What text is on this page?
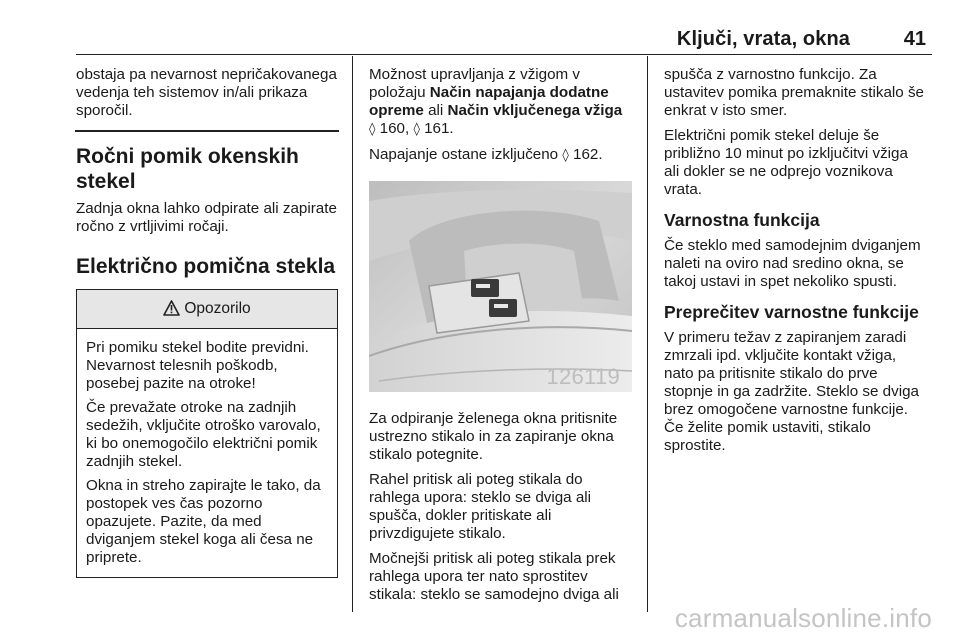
Ključi, vrata, okna	41

obstaja pa nevarnost nepričakovanega vedenja teh sistemov in/ali prikaza sporočil.

Ročni pomik okenskih stekel

Zadnja okna lahko odpirate ali zapirate ročno z vrtljivimi ročaji.

Električno pomična stekla
Opozorilo

Pri pomiku stekel bodite previdni. Nevarnost telesnih poškodb, posebej pazite na otroke!

Če prevažate otroke na zadnjih sedežih, vključite otroško varovalo, ki bo onemogočilo električni pomik zadnjih stekel.

Okna in streho zapirajte le tako, da postopek ves čas pozorno opazujete. Pazite, da med dviganjem stekel koga ali česa ne priprete.

Možnost upravljanja z vžigom v položaju Način napajanja dodatne opreme ali Način vključenega vžiga
◊ 160, ◊ 161.

Napajanje ostane izključeno ◊ 162.

126119

Za odpiranje želenega okna pritisnite ustrezno stikalo in za zapiranje okna stikalo potegnite.

Rahel pritisk ali poteg stikala do rahlega upora: steklo se dviga ali spušča, dokler pritiskate ali privzdigujete stikalo.

Močnejši pritisk ali poteg stikala prek rahlega upora ter nato sprostitev stikala: steklo se samodejno dviga ali

spušča z varnostno funkcijo. Za ustavitev pomika premaknite stikalo še enkrat v isto smer.

Električni pomik stekel deluje še približno 10 minut po izključitvi vžiga ali dokler se ne odprejo voznikova vrata.

Varnostna funkcija

Če steklo med samodejnim dviganjem naleti na oviro nad sredino okna, se takoj ustavi in spet nekoliko spusti.

Preprečitev varnostne funkcije

V primeru težav z zapiranjem zaradi zmrzali ipd. vključite kontakt vžiga, nato pa pritisnite stikalo do prve stopnje in ga zadržite. Steklo se dviga brez omogočene varnostne funkcije. Če želite pomik ustaviti, stikalo sprostite.

carmanualsonline.info
